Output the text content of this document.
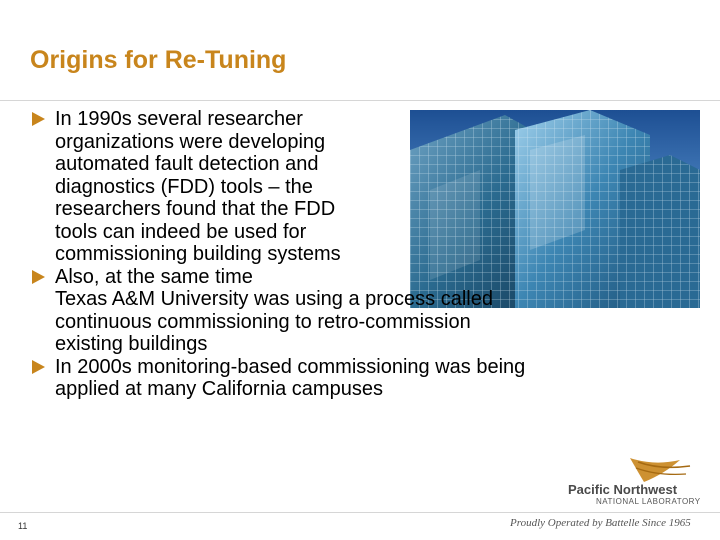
Origins for Re-Tuning
In 1990s several researcher
organizations were developing
automated fault detection and
diagnostics (FDD) tools – the
researchers found that the FDD
tools can indeed be used for
commissioning building systems
Also, at the same time
Texas A&M University was using a process called
continuous commissioning to retro-commission
existing buildings
In 2000s monitoring-based commissioning was being
applied at many California campuses
Pacific Northwest
NATIONAL LABORATORY
11	Proudly Operated by Battelle Since 1965
